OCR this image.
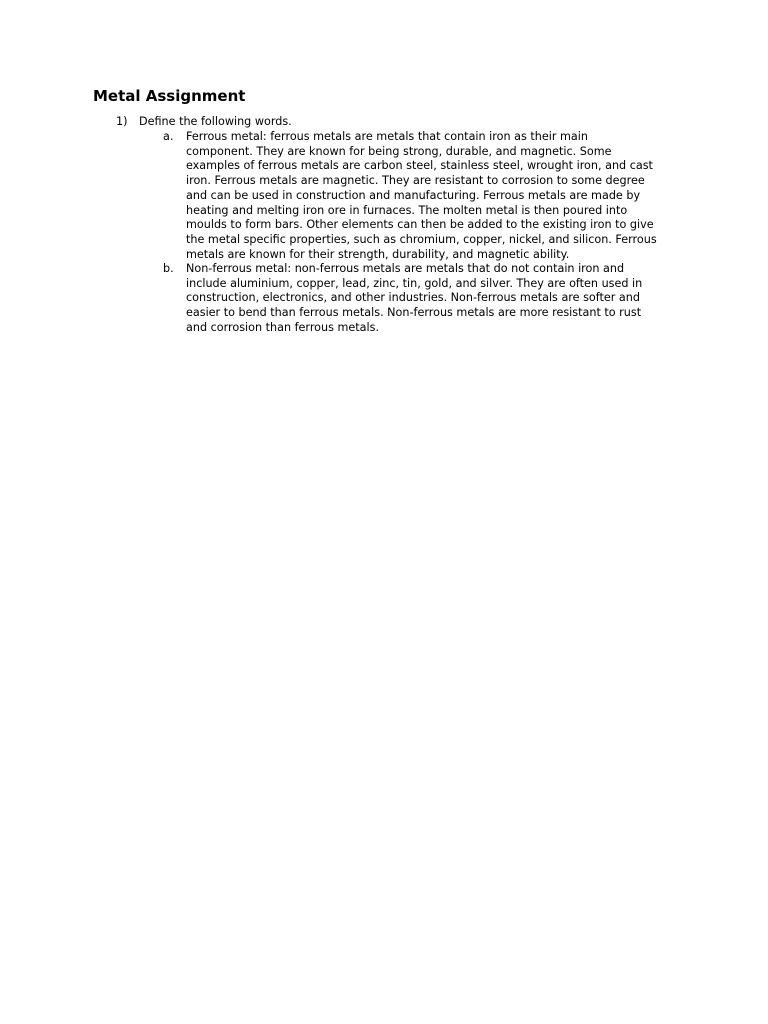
Metal Assignment
1) Define the following words.
a. Ferrous metal: ferrous metals are metals that contain iron as their main

component. They are known for being strong, durable, and magnetic. Some

examples of ferrous metals are carbon steel, stainless steel, wrought iron, and cast

iron. Ferrous metals are magnetic. They are resistant to corrosion to some degree

and can be used in construction and manufacturing. Ferrous metals are made by

heating and melting iron ore in furnaces. The molten metal is then poured into

moulds to form bars. Other elements can then be added to the existing iron to give

the metal specific properties, such as chromium, copper, nickel, and silicon. Ferrous

metals are known for their strength, durability, and magnetic ability.

b. Non-ferrous metal: non-ferrous metals are metals that do not contain iron and

include aluminium, copper, lead, zinc, tin, gold, and silver. They are often used in

construction, electronics, and other industries. Non-ferrous metals are softer and

easier to bend than ferrous metals. Non-ferrous metals are more resistant to rust

and corrosion than ferrous metals.
